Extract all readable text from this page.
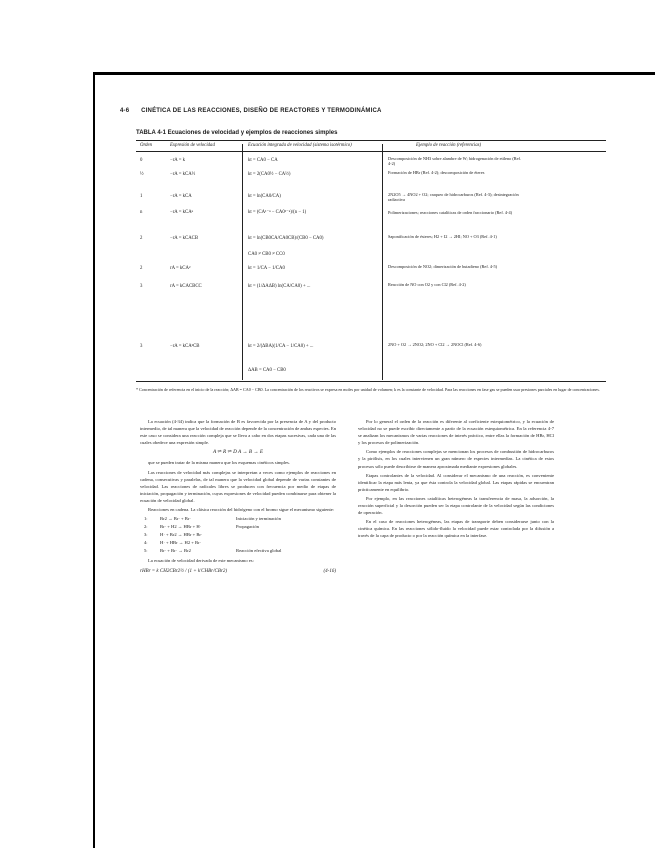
4-6 CINÉTICA DE LAS REACCIONES, DISEÑO DE REACTORES Y TERMODINÁMICA
TABLA 4-1 Ecuaciones de velocidad y ejemplos de reacciones simples
Orden	Expresión de velocidad	Ecuación integrada de velocidad (sistema isotérmico)	Ejemplo de reacción (referencias)
0	−rA = k	kt = CA0 − CA	Descomposición de NH3 sobre alambre de W; hidrogenación de etileno (Ref. 4-2)
½	−rA = kCA½	kt = 2(CA0½ − CA½)	Formación de HBr (Ref. 4-2); descomposición de éteres
1	−rA = kCA	kt = ln(CA0/CA)	2N2O5 → 4NO2 + O2; craqueo de hidrocarburos (Ref. 4-3); desintegración radiactiva
n	−rA = kCAⁿ	kt = (CA¹⁻ⁿ − CA0¹⁻ⁿ)/(n − 1)	Polimerizaciones; reacciones catalíticas de orden fraccionario (Ref. 4-4)
2	−rA = kCACB	kt = ln(CB0CA/CA0CB)/(CB0 − CA0)	Saponificación de ésteres; H2 + I2 → 2HI; NO + O3 (Ref. 4-1)
CA0 ≠ CB0 ≠ CC0
2	rA = kCA²	kt = 1/CA − 1/CA0	Descomposición de NO2; dimerización de butadieno (Ref. 4-5)
3	rA = kCACBCC	kt = (1/ΔAΔB) ln(CA/CA0) + ...	Reacción de NO con O2 y con Cl2 (Ref. 4-2)
3	−rA = kCA²CB	kt = 2/(ΔBA)(1/CA − 1/CA0) + ...	2NO + O2 → 2NO2; 2NO + Cl2 → 2NOCl (Ref. 4-6)
ΔAB = CA0 − CB0
* Concentración de referencia en el inicio de la reacción; ΔAB = CA0 − CB0. La concentración de los reactivos se expresa en moles por unidad de volumen; k es la constante de velocidad. Para las reacciones en fase gas se pueden usar presiones parciales en lugar de concentraciones.

La ecuación (4-34) indica que la formación de B es favorecida por la presencia de A y del producto intermedio, de tal manera que la velocidad de reacción depende de la concentración de ambas especies. En este caso se considera una reacción compleja que se lleva a cabo en dos etapas sucesivas, cada una de las cuales obedece una expresión simple.

A ⇌ R ⇌ D A → B → E

que se pueden tratar de la misma manera que los esquemas cinéticos simples.

Las reacciones de velocidad más complejas se interpretan a veces como ejemplos de reacciones en cadena, consecutivas y paralelas, de tal manera que la velocidad global depende de varias constantes de velocidad. Las reacciones de radicales libres se producen con frecuencia por medio de etapas de iniciación, propagación y terminación, cuyas expresiones de velocidad pueden combinarse para obtener la ecuación de velocidad global.

Reacciones en cadena. La clásica reacción del hidrógeno con el bromo sigue el mecanismo siguiente:

1:	Br2 → Br· + Br·	Iniciación y terminación
2:	Br· + H2 → HBr + H·	Propagación
3:	H· + Br2 → HBr + Br·
4:	H· + HBr → H2 + Br·
5:	Br· + Br· → Br2	Reacción efectiva global

La ecuación de velocidad derivada de este mecanismo es:

rHBr = k CH2CBr2½ / (1 + k′CHBr/CBr2)	(4-16)

Por lo general el orden de la reacción es diferente al coeficiente estequiométrico, y la ecuación de velocidad no se puede escribir directamente a partir de la ecuación estequiométrica. En la referencia 4-7 se analizan los mecanismos de varias reacciones de interés práctico, entre ellas la formación de HBr, HCl y los procesos de polimerización.

Como ejemplos de reacciones complejas se mencionan los procesos de combustión de hidrocarburos y la pirólisis, en los cuales intervienen un gran número de especies intermedias. La cinética de estos procesos sólo puede describirse de manera aproximada mediante expresiones globales.

Etapas controlantes de la velocidad. Al considerar el mecanismo de una reacción, es conveniente identificar la etapa más lenta, ya que ésta controla la velocidad global. Las etapas rápidas se encuentran prácticamente en equilibrio.

Por ejemplo, en las reacciones catalíticas heterogéneas la transferencia de masa, la adsorción, la reacción superficial y la desorción pueden ser la etapa controlante de la velocidad según las condiciones de operación.

En el caso de reacciones heterogéneas, las etapas de transporte deben considerarse junto con la cinética química. En las reacciones sólido-fluido la velocidad puede estar controlada por la difusión a través de la capa de producto o por la reacción química en la interfase.
